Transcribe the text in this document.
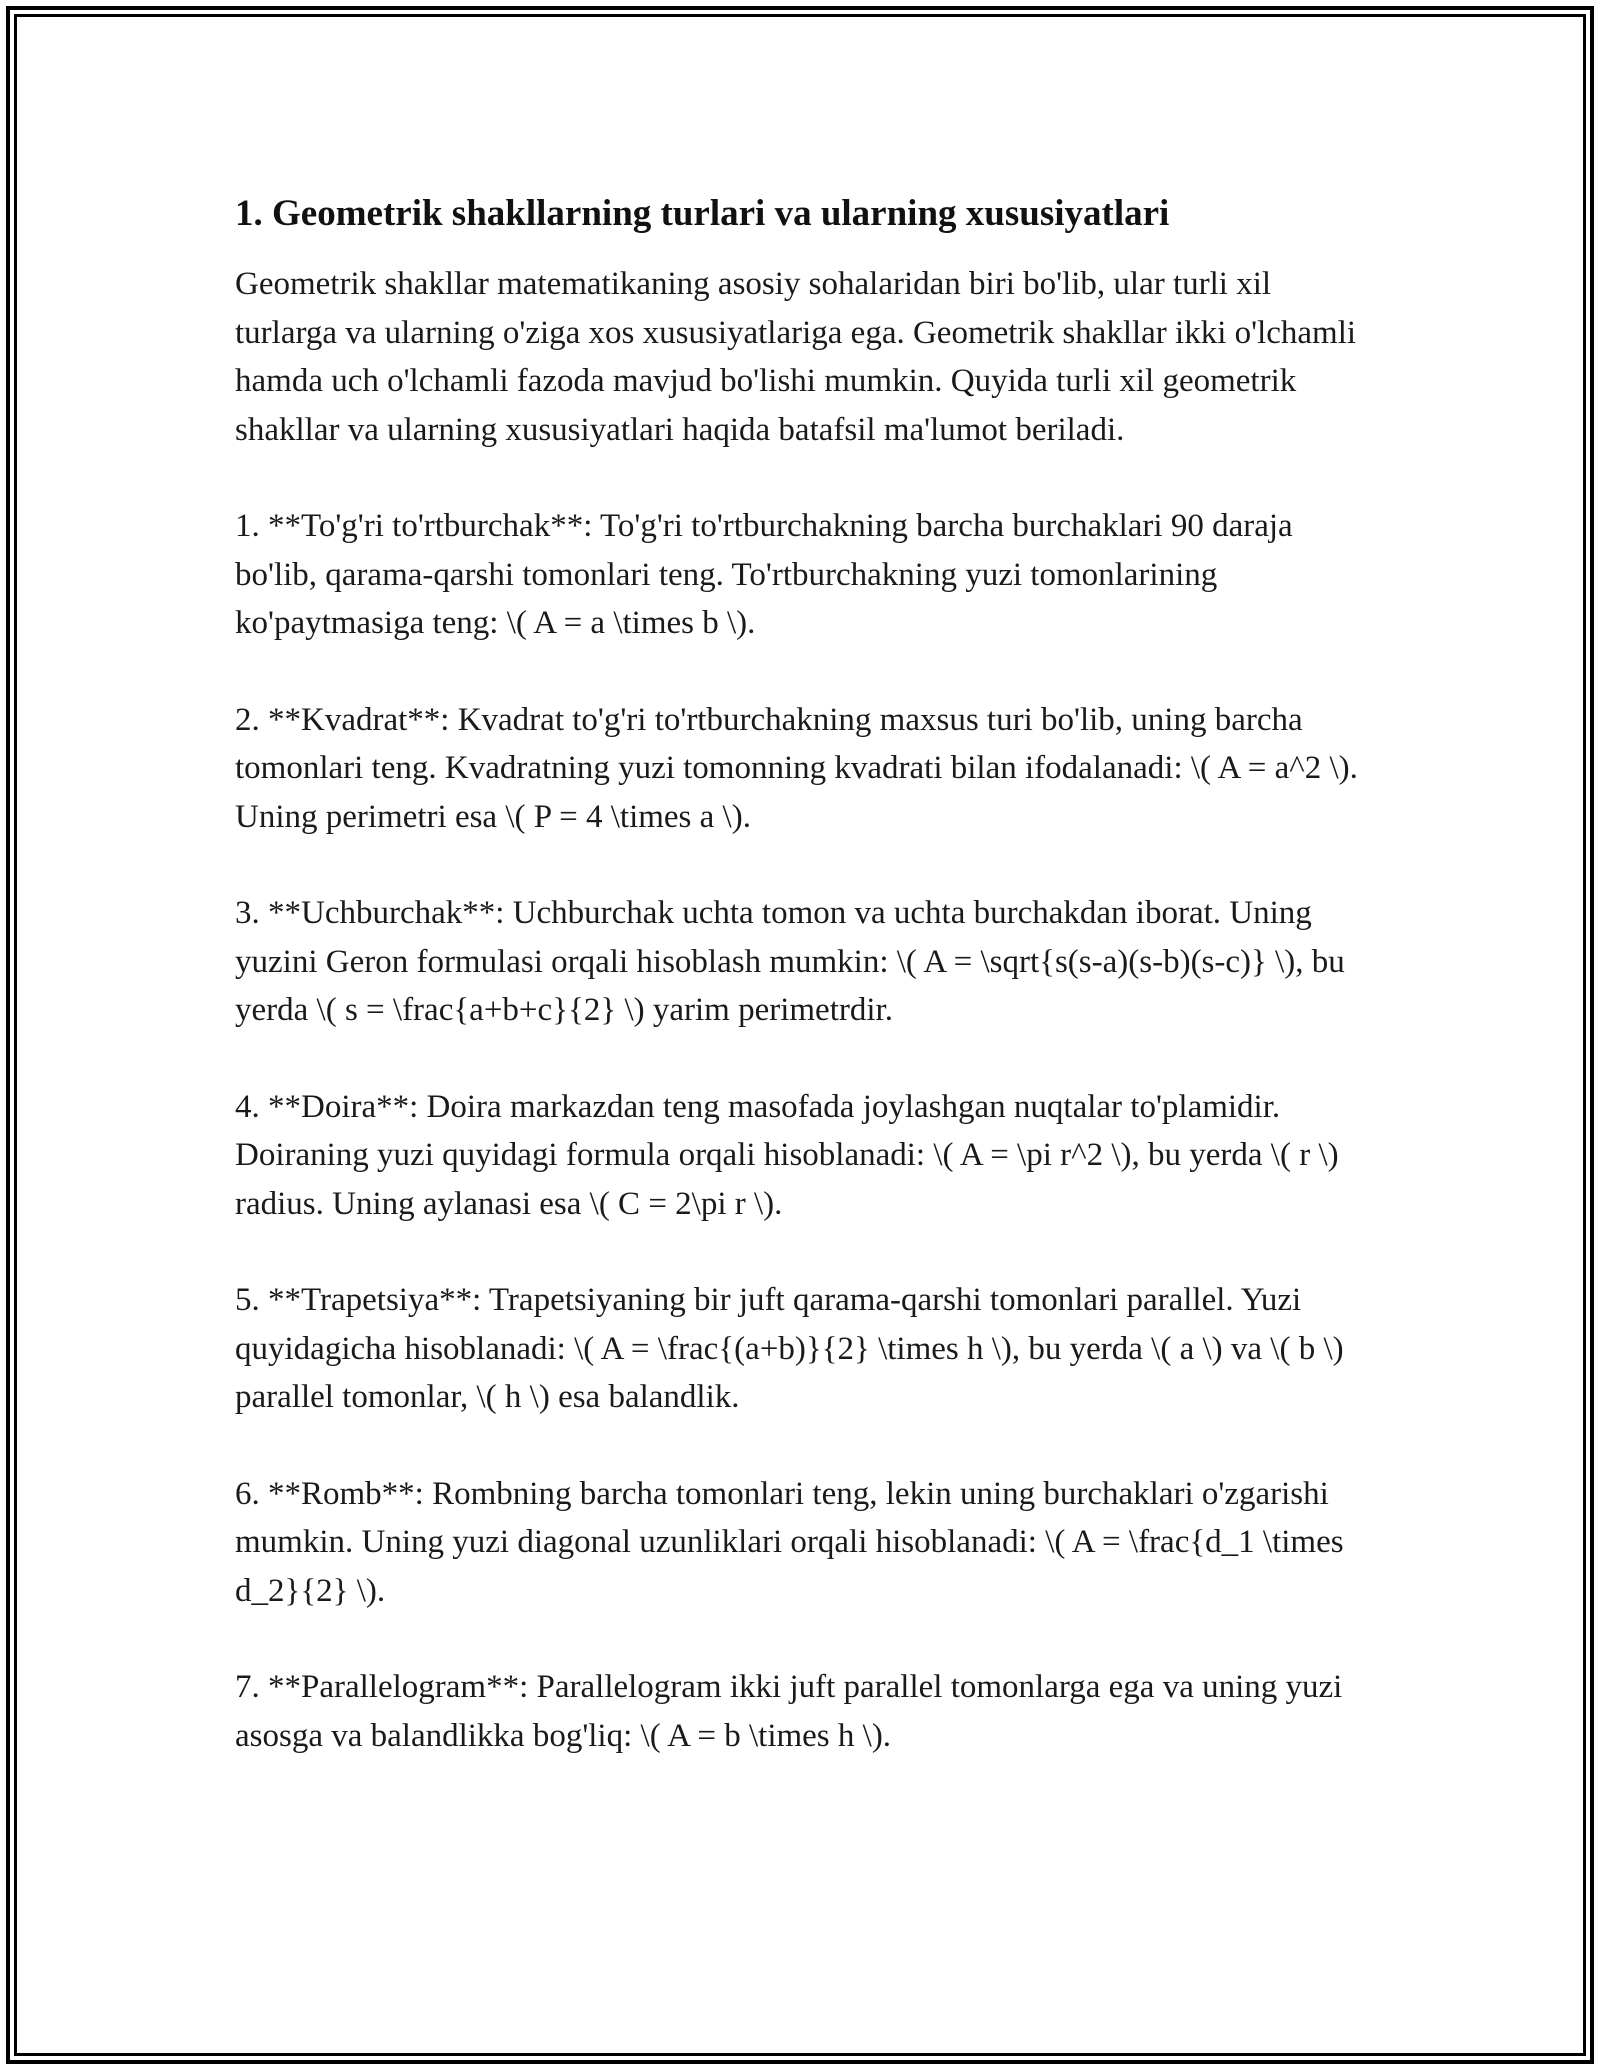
1. Geometrik shakllarning turlari va ularning xususiyatlari

Geometrik shakllar matematikaning asosiy sohalaridan biri bo'lib, ular turli xil turlarga va ularning o'ziga xos xususiyatlariga ega. Geometrik shakllar ikki o'lchamli hamda uch o'lchamli fazoda mavjud bo'lishi mumkin. Quyida turli xil geometrik shakllar va ularning xususiyatlari haqida batafsil ma'lumot beriladi.

1. **To'g'ri to'rtburchak**: To'g'ri to'rtburchakning barcha burchaklari 90 daraja bo'lib, qarama-qarshi tomonlari teng. To'rtburchakning yuzi tomonlarining ko'paytmasiga teng: \( A = a \times b \).

2. **Kvadrat**: Kvadrat to'g'ri to'rtburchakning maxsus turi bo'lib, uning barcha tomonlari teng. Kvadratning yuzi tomonning kvadrati bilan ifodalanadi: \( A = a^2 \). Uning perimetri esa \( P = 4 \times a \).

3. **Uchburchak**: Uchburchak uchta tomon va uchta burchakdan iborat. Uning yuzini Geron formulasi orqali hisoblash mumkin: \( A = \sqrt{s(s-a)(s-b)(s-c)} \), bu yerda \( s = \frac{a+b+c}{2} \) yarim perimetrdir.

4. **Doira**: Doira markazdan teng masofada joylashgan nuqtalar to'plamidir. Doiraning yuzi quyidagi formula orqali hisoblanadi: \( A = \pi r^2 \), bu yerda \( r \) radius. Uning aylanasi esa \( C = 2\pi r \).

5. **Trapetsiya**: Trapetsiyaning bir juft qarama-qarshi tomonlari parallel. Yuzi quyidagicha hisoblanadi: \( A = \frac{(a+b)}{2} \times h \), bu yerda \( a \) va \( b \) parallel tomonlar, \( h \) esa balandlik.

6. **Romb**: Rombning barcha tomonlari teng, lekin uning burchaklari o'zgarishi mumkin. Uning yuzi diagonal uzunliklari orqali hisoblanadi: \( A = \frac{d_1 \times d_2}{2} \).

7. **Parallelogram**: Parallelogram ikki juft parallel tomonlarga ega va uning yuzi asosga va balandlikka bog'liq: \( A = b \times h \).
